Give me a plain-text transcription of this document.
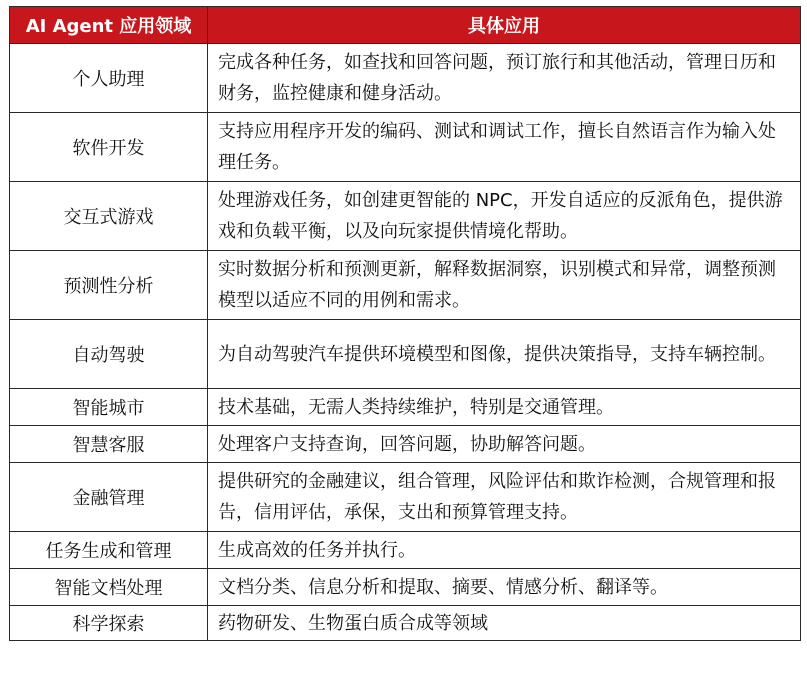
AI Agent 应用领域	具体应用
个人助理	完成各种任务，如查找和回答问题，预订旅行和其他活动，管理日历和财务，监控健康和健身活动。
软件开发	支持应用程序开发的编码、测试和调试工作，擅长自然语言作为输入处理任务。
交互式游戏	处理游戏任务，如创建更智能的 NPC，开发自适应的反派角色，提供游戏和负载平衡，以及向玩家提供情境化帮助。
预测性分析	实时数据分析和预测更新，解释数据洞察，识别模式和异常，调整预测模型以适应不同的用例和需求。
自动驾驶	为自动驾驶汽车提供环境模型和图像，提供决策指导，支持车辆控制。
智能城市	技术基础，无需人类持续维护，特别是交通管理。
智慧客服	处理客户支持查询，回答问题，协助解答问题。
金融管理	提供研究的金融建议，组合管理，风险评估和欺诈检测，合规管理和报告，信用评估，承保，支出和预算管理支持。
任务生成和管理	生成高效的任务并执行。
智能文档处理	文档分类、信息分析和提取、摘要、情感分析、翻译等。
科学探索	药物研发、生物蛋白质合成等领域
